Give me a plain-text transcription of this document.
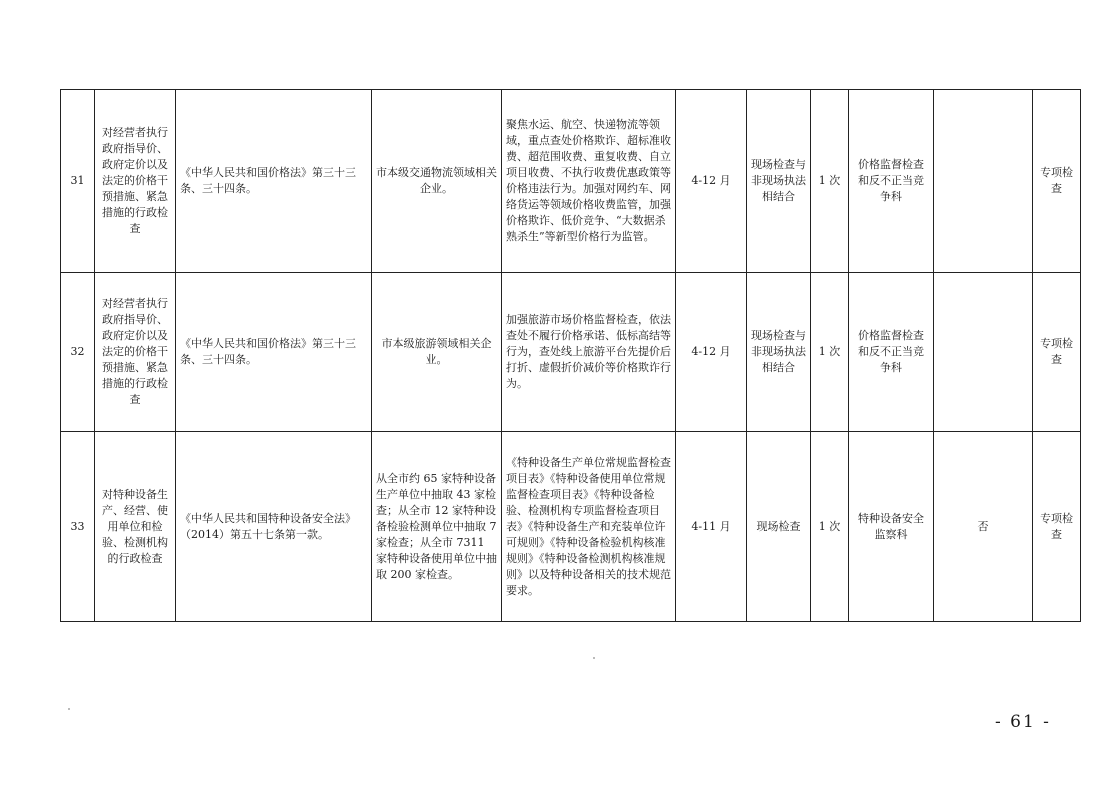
31	对经营者执行政府指导价、政府定价以及法定的价格干预措施、紧急措施的行政检查	《中华人民共和国价格法》第三十三条、三十四条。	市本级交通物流领域相关企业。	聚焦水运、航空、快递物流等领域，重点查处价格欺诈、超标准收费、超范围收费、重复收费、自立项目收费、不执行收费优惠政策等价格违法行为。加强对网约车、网络货运等领域价格收费监管，加强价格欺诈、低价竞争、“大数据杀熟杀生”等新型价格行为监管。	4-12 月	现场检查与非现场执法相结合	1 次	价格监督检查和反不正当竞争科		专项检查
32	对经营者执行政府指导价、政府定价以及法定的价格干预措施、紧急措施的行政检查	《中华人民共和国价格法》第三十三条、三十四条。	市本级旅游领域相关企业。	加强旅游市场价格监督检查，依法查处不履行价格承诺、低标高结等行为，查处线上旅游平台先提价后打折、虚假折价减价等价格欺诈行为。	4-12 月	现场检查与非现场执法相结合	1 次	价格监督检查和反不正当竞争科		专项检查
33	对特种设备生产、经营、使用单位和检验、检测机构的行政检查	《中华人民共和国特种设备安全法》（2014）第五十七条第一款。	从全市约 65 家特种设备生产单位中抽取 43 家检查；从全市 12 家特种设备检验检测单位中抽取 7 家检查；从全市 7311 家特种设备使用单位中抽取 200 家检查。	《特种设备生产单位常规监督检查项目表》《特种设备使用单位常规监督检查项目表》《特种设备检验、检测机构专项监督检查项目表》《特种设备生产和充装单位许可规则》《特种设备检验机构核准规则》《特种设备检测机构核准规则》以及特种设备相关的技术规范要求。	4-11 月	现场检查	1 次	特种设备安全监察科	否	专项检查
- 61 -
